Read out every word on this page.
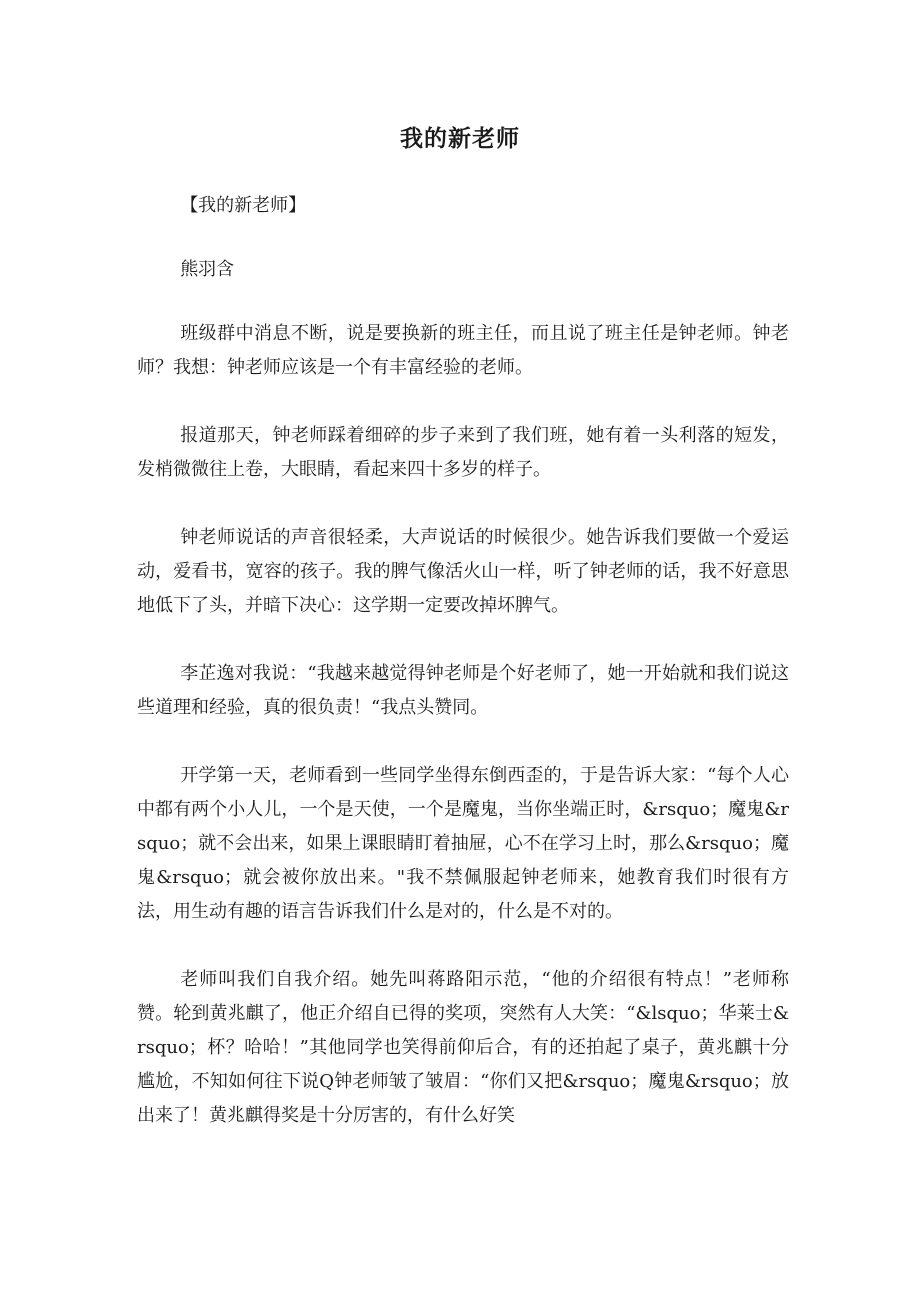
我的新老师

【我的新老师】

熊羽含

班级群中消息不断，说是要换新的班主任，而且说了班主任是钟老师。钟老师？我想：钟老师应该是一个有丰富经验的老师。

报道那天，钟老师踩着细碎的步子来到了我们班，她有着一头利落的短发，发梢微微往上卷，大眼睛，看起来四十多岁的样子。

钟老师说话的声音很轻柔，大声说话的时候很少。她告诉我们要做一个爱运动，爱看书，宽容的孩子。我的脾气像活火山一样，听了钟老师的话，我不好意思地低下了头，并暗下决心：这学期一定要改掉坏脾气。

李芷逸对我说：“我越来越觉得钟老师是个好老师了，她一开始就和我们说这些道理和经验，真的很负责！“我点头赞同。

开学第一天，老师看到一些同学坐得东倒西歪的，于是告诉大家：“每个人心中都有两个小人儿，一个是天使，一个是魔鬼，当你坐端正时，&rsquo；魔鬼&rsquo；就不会出来，如果上课眼睛盯着抽屉，心不在学习上时，那么&rsquo；魔鬼&rsquo；就会被你放出来。"我不禁佩服起钟老师来，她教育我们时很有方法，用生动有趣的语言告诉我们什么是对的，什么是不对的。

老师叫我们自我介绍。她先叫蒋路阳示范，“他的介绍很有特点！”老师称赞。轮到黄兆麒了，他正介绍自已得的奖项，突然有人大笑：“&lsquo；华莱士&rsquo；杯？哈哈！”其他同学也笑得前仰后合，有的还拍起了桌子，黄兆麒十分尴尬，不知如何往下说Q钟老师皱了皱眉：“你们又把&rsquo；魔鬼&rsquo；放出来了！黄兆麒得奖是十分厉害的，有什么好笑
